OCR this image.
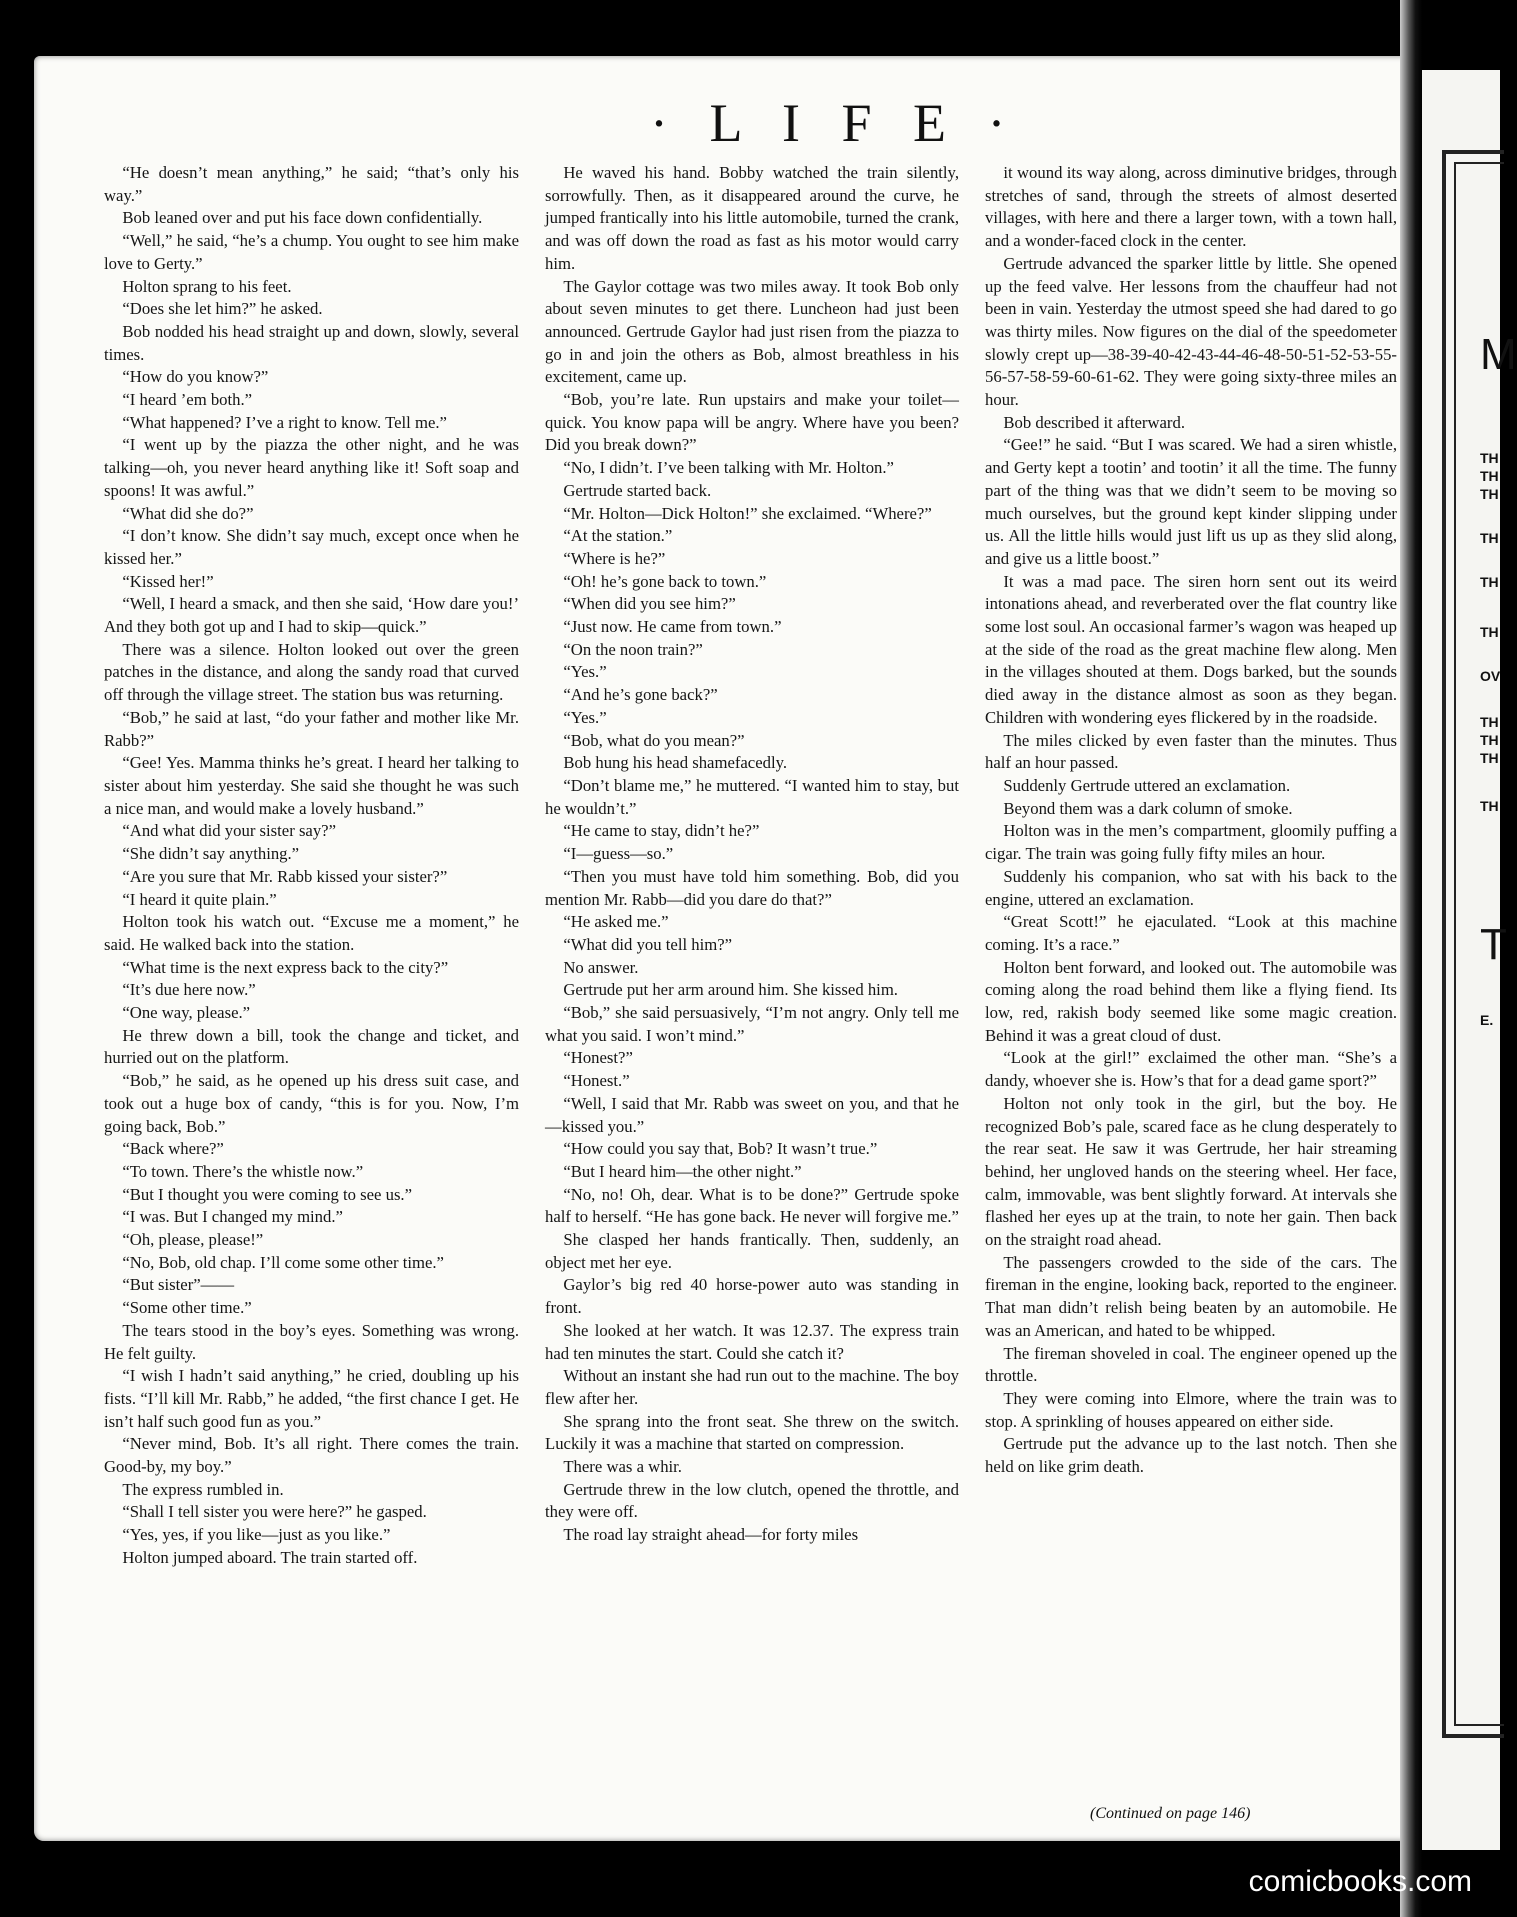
M
TH
TH
TH
TH
TH
TH
OV
TH
TH
TH
TH
T
E.
· L I F E ·

“He doesn’t mean anything,” he said; “that’s only his way.”

Bob leaned over and put his face down confidentially.

“Well,” he said, “he’s a chump. You ought to see him make love to Gerty.”

Holton sprang to his feet.

“Does she let him?” he asked.

Bob nodded his head straight up and down, slowly, several times.

“How do you know?”

“I heard ’em both.”

“What happened? I’ve a right to know. Tell me.”

“I went up by the piazza the other night, and he was talking—oh, you never heard anything like it! Soft soap and spoons! It was awful.”

“What did she do?”

“I don’t know. She didn’t say much, except once when he kissed her.”

“Kissed her!”

“Well, I heard a smack, and then she said, ‘How dare you!’ And they both got up and I had to skip—quick.”

There was a silence. Holton looked out over the green patches in the distance, and along the sandy road that curved off through the village street. The station bus was returning.

“Bob,” he said at last, “do your father and mother like Mr. Rabb?”

“Gee! Yes. Mamma thinks he’s great. I heard her talking to sister about him yesterday. She said she thought he was such a nice man, and would make a lovely husband.”

“And what did your sister say?”

“She didn’t say anything.”

“Are you sure that Mr. Rabb kissed your sister?”

“I heard it quite plain.”

Holton took his watch out. “Excuse me a moment,” he said. He walked back into the station.

“What time is the next express back to the city?”

“It’s due here now.”

“One way, please.”

He threw down a bill, took the change and ticket, and hurried out on the platform.

“Bob,” he said, as he opened up his dress suit case, and took out a huge box of candy, “this is for you. Now, I’m going back, Bob.”

“Back where?”

“To town. There’s the whistle now.”

“But I thought you were coming to see us.”

“I was. But I changed my mind.”

“Oh, please, please!”

“No, Bob, old chap. I’ll come some other time.”

“But sister”——

“Some other time.”

The tears stood in the boy’s eyes. Something was wrong. He felt guilty.

“I wish I hadn’t said anything,” he cried, doubling up his fists. “I’ll kill Mr. Rabb,” he added, “the first chance I get. He isn’t half such good fun as you.”

“Never mind, Bob. It’s all right. There comes the train. Good-by, my boy.”

The express rumbled in.

“Shall I tell sister you were here?” he gasped.

“Yes, yes, if you like—just as you like.”

Holton jumped aboard. The train started off.

He waved his hand. Bobby watched the train silently, sorrowfully. Then, as it disappeared around the curve, he jumped frantically into his little automobile, turned the crank, and was off down the road as fast as his motor would carry him.

The Gaylor cottage was two miles away. It took Bob only about seven minutes to get there. Luncheon had just been announced. Gertrude Gaylor had just risen from the piazza to go in and join the others as Bob, almost breathless in his excitement, came up.

“Bob, you’re late. Run upstairs and make your toilet—quick. You know papa will be angry. Where have you been? Did you break down?”

“No, I didn’t. I’ve been talking with Mr. Holton.”

Gertrude started back.

“Mr. Holton—Dick Holton!” she exclaimed. “Where?”

“At the station.”

“Where is he?”

“Oh! he’s gone back to town.”

“When did you see him?”

“Just now. He came from town.”

“On the noon train?”

“Yes.”

“And he’s gone back?”

“Yes.”

“Bob, what do you mean?”

Bob hung his head shamefacedly.

“Don’t blame me,” he muttered. “I wanted him to stay, but he wouldn’t.”

“He came to stay, didn’t he?”

“I—guess—so.”

“Then you must have told him something. Bob, did you mention Mr. Rabb—did you dare do that?”

“He asked me.”

“What did you tell him?”

No answer.

Gertrude put her arm around him. She kissed him.

“Bob,” she said persuasively, “I’m not angry. Only tell me what you said. I won’t mind.”

“Honest?”

“Honest.”

“Well, I said that Mr. Rabb was sweet on you, and that he—kissed you.”

“How could you say that, Bob? It wasn’t true.”

“But I heard him—the other night.”

“No, no! Oh, dear. What is to be done?” Gertrude spoke half to herself. “He has gone back. He never will forgive me.”

She clasped her hands frantically. Then, suddenly, an object met her eye.

Gaylor’s big red 40 horse-power auto was standing in front.

She looked at her watch. It was 12.37. The express train had ten minutes the start. Could she catch it?

Without an instant she had run out to the machine. The boy flew after her.

She sprang into the front seat. She threw on the switch. Luckily it was a machine that started on compression.

There was a whir.

Gertrude threw in the low clutch, opened the throttle, and they were off.

The road lay straight ahead—for forty miles

it wound its way along, across diminutive bridges, through stretches of sand, through the streets of almost deserted villages, with here and there a larger town, with a town hall, and a wonder-faced clock in the center.

Gertrude advanced the sparker little by little. She opened up the feed valve. Her lessons from the chauffeur had not been in vain. Yesterday the utmost speed she had dared to go was thirty miles. Now figures on the dial of the speedometer slowly crept up—38-39-40-42-43-44-46-48-50-51-52-53-55-56-57-58-59-60-61-62. They were going sixty-three miles an hour.

Bob described it afterward.

“Gee!” he said. “But I was scared. We had a siren whistle, and Gerty kept a tootin’ and tootin’ it all the time. The funny part of the thing was that we didn’t seem to be moving so much ourselves, but the ground kept kinder slipping under us. All the little hills would just lift us up as they slid along, and give us a little boost.”

It was a mad pace. The siren horn sent out its weird intonations ahead, and reverberated over the flat country like some lost soul. An occasional farmer’s wagon was heaped up at the side of the road as the great machine flew along. Men in the villages shouted at them. Dogs barked, but the sounds died away in the distance almost as soon as they began. Children with wondering eyes flickered by in the roadside.

The miles clicked by even faster than the minutes. Thus half an hour passed.

Suddenly Gertrude uttered an exclamation.

Beyond them was a dark column of smoke.

Holton was in the men’s compartment, gloomily puffing a cigar. The train was going fully fifty miles an hour.

Suddenly his companion, who sat with his back to the engine, uttered an exclamation.

“Great Scott!” he ejaculated. “Look at this machine coming. It’s a race.”

Holton bent forward, and looked out. The automobile was coming along the road behind them like a flying fiend. Its low, red, rakish body seemed like some magic creation. Behind it was a great cloud of dust.

“Look at the girl!” exclaimed the other man. “She’s a dandy, whoever she is. How’s that for a dead game sport?”

Holton not only took in the girl, but the boy. He recognized Bob’s pale, scared face as he clung desperately to the rear seat. He saw it was Gertrude, her hair streaming behind, her ungloved hands on the steering wheel. Her face, calm, immovable, was bent slightly forward. At intervals she flashed her eyes up at the train, to note her gain. Then back on the straight road ahead.

The passengers crowded to the side of the cars. The fireman in the engine, looking back, reported to the engineer. That man didn’t relish being beaten by an automobile. He was an American, and hated to be whipped.

The fireman shoveled in coal. The engineer opened up the throttle.

They were coming into Elmore, where the train was to stop. A sprinkling of houses appeared on either side.

Gertrude put the advance up to the last notch. Then she held on like grim death.

(Continued on page 146)
comicbooks.com
